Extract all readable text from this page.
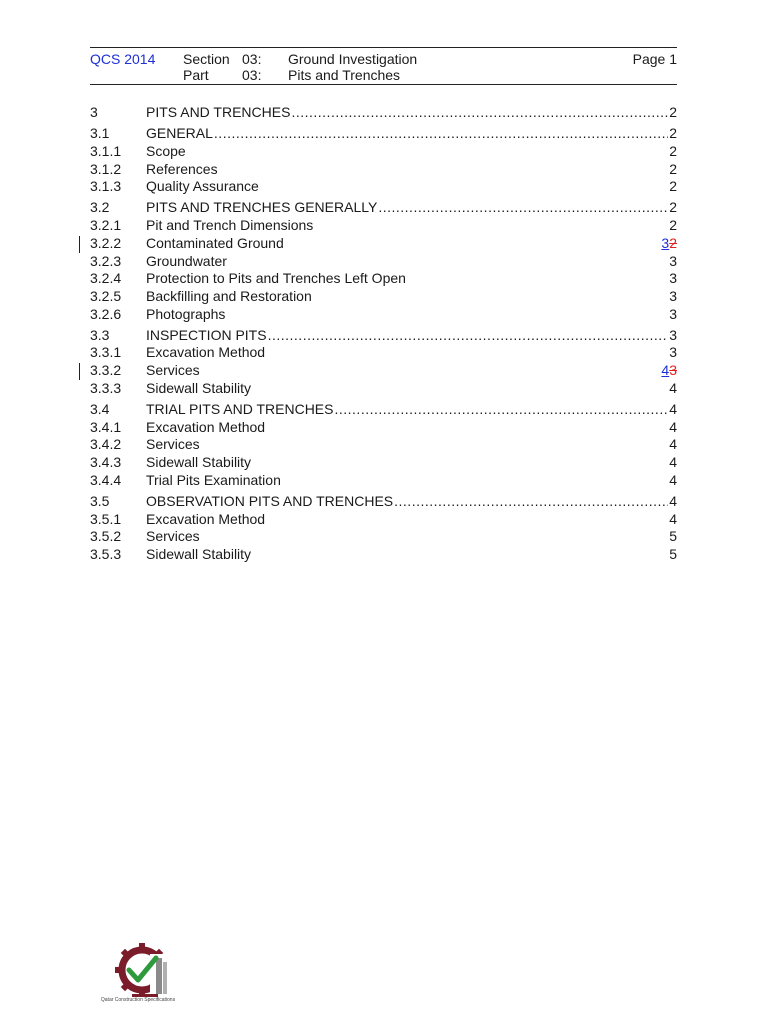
QCS 2014 Section 03: Ground Investigation
Part 03: Pits and Trenches
Page 1
3	PITS AND TRENCHES .....	2
3.1	GENERAL .....	2
3.1.1 Scope	2
3.1.2 References	2
3.1.3 Quality Assurance	2
3.2	PITS AND TRENCHES GENERALLY .....	2
3.2.1 Pit and Trench Dimensions	2
3.2.2 Contaminated Ground	32
3.2.3 Groundwater	3
3.2.4 Protection to Pits and Trenches Left Open	3
3.2.5 Backfilling and Restoration	3
3.2.6 Photographs	3
3.3	INSPECTION PITS .....	3
3.3.1 Excavation Method	3
3.3.2 Services	43
3.3.3 Sidewall Stability	4
3.4	TRIAL PITS AND TRENCHES .....	4
3.4.1 Excavation Method	4
3.4.2 Services	4
3.4.3 Sidewall Stability	4
3.4.4 Trial Pits Examination	4
3.5	OBSERVATION PITS AND TRENCHES .....	4
3.5.1 Excavation Method	4
3.5.2 Services	5
3.5.3 Sidewall Stability	5
Qatar Construction Specifications
